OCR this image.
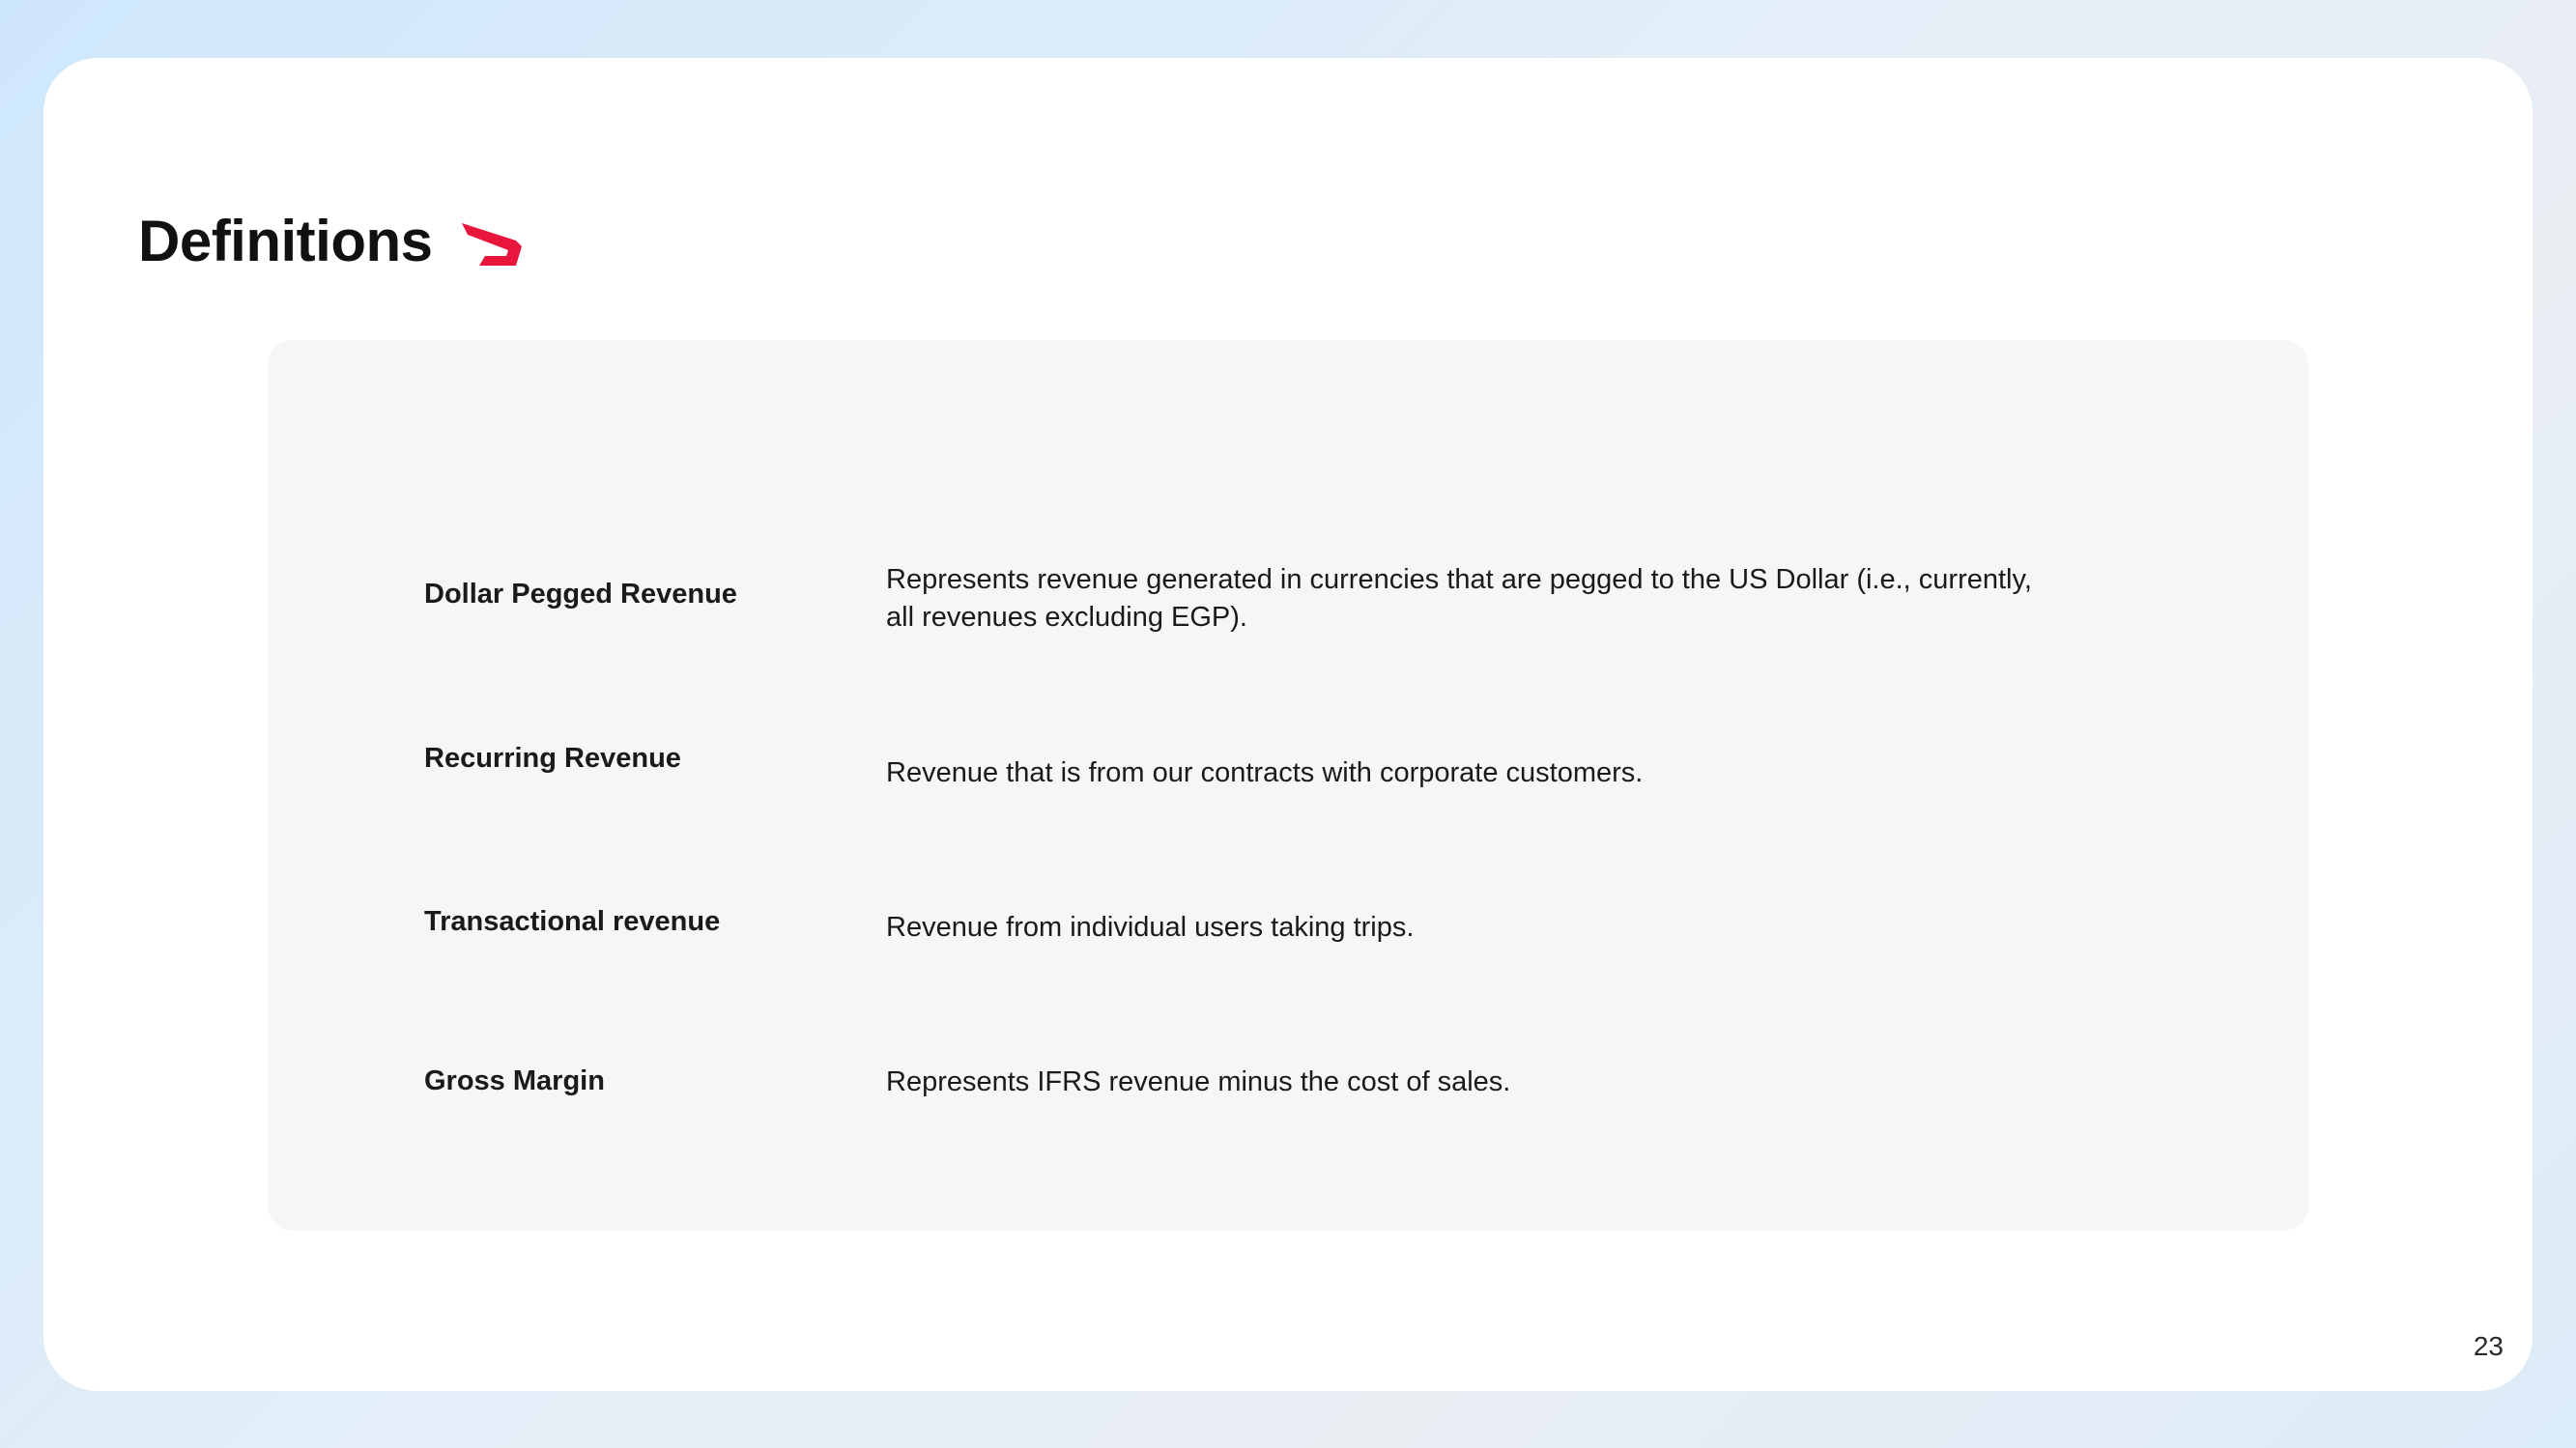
Definitions
Dollar Pegged Revenue	Represents revenue generated in currencies that are pegged to the US Dollar (i.e., currently, all revenues excluding EGP).
Recurring Revenue	Revenue that is from our contracts with corporate customers.
Transactional revenue	Revenue from individual users taking trips.
Gross Margin	Represents IFRS revenue minus the cost of sales.
23
